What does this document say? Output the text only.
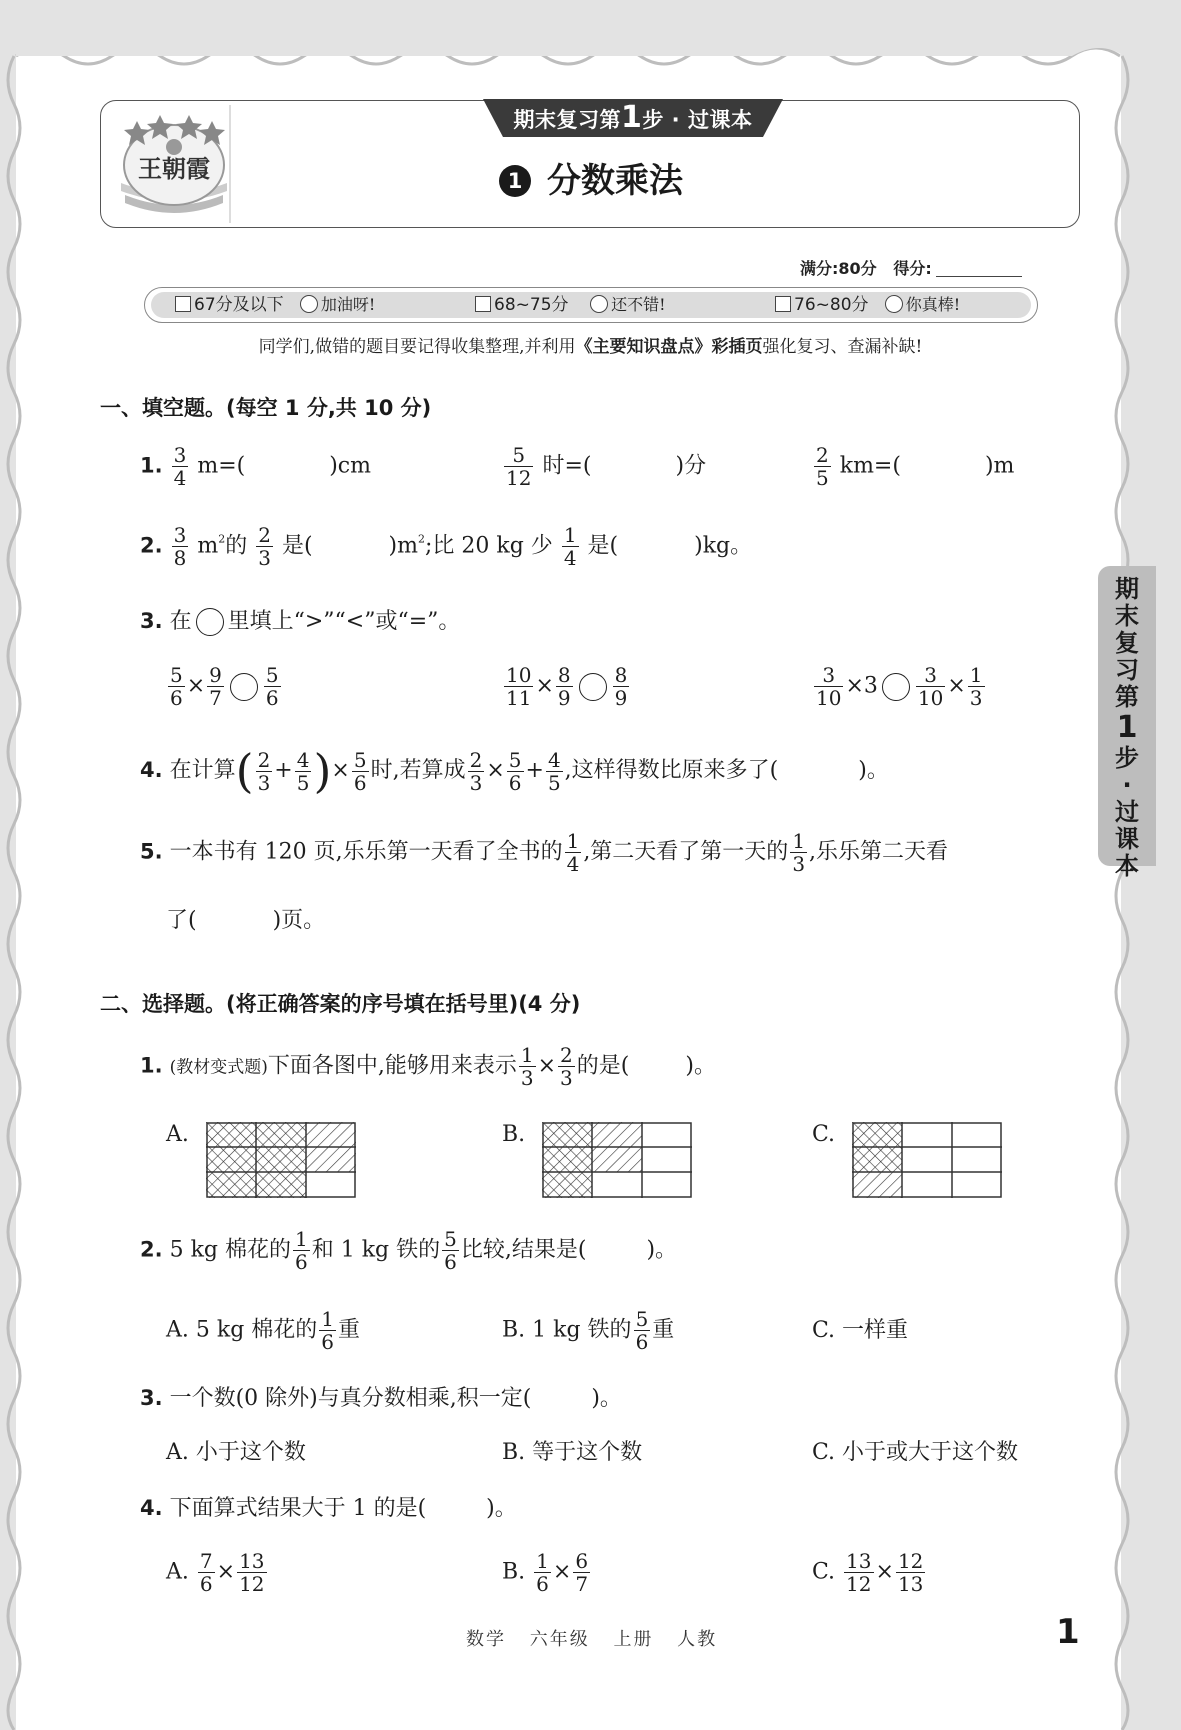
王朝霞
期末复习第1步 · 过课本
1 分数乘法
满分:80分 得分:
67分及以下 加油呀!	68~75分	还不错!	76~80分 你真棒!
同学们,做错的题目要记得收集整理,并利用《主要知识盘点》彩插页强化复习、查漏补缺!
一、填空题。(每空 1 分,共 10 分)
1. $\frac{3}{4} m=$(	)cm	$\frac{5}{12}$ 时=(	)分	$\frac{2}{5} km=$(	)m
2. $\frac{3}{8} m^2$的 $\frac{2}{3}$ 是(	)$m^2$;比 20 kg 少 $\frac{1}{4}$ 是(	)kg。
3. 在 里填上“>”“<”或“=”。
$\frac{5}{6} \times \frac{9}{7} \frac{5}{6}$	$\frac{10}{11} \times \frac{8}{9} \frac{8}{9}$	$\frac{3}{10} \times 3 \frac{3}{10} \times \frac{1}{3}$
4. 在计算( $\frac{2}{3} + \frac{4}{5}$ )× $\frac{5}{6}$ 时,若算成 $\frac{2}{3} \times \frac{5}{6} + \frac{4}{5}$ ,这样得数比原来多了(	)。
5. 一本书有 120 页,乐乐第一天看了全书的 $\frac{1}{4}$ ,第二天看了第一天的 $\frac{1}{3}$ ,乐乐第二天看
了(	)页。
二、选择题。(将正确答案的序号填在括号里)(4 分)
1. (教材变式题)下面各图中,能够用来表示 $\frac{1}{3} \times \frac{2}{3}$ 的是(	)。
A.	B.	C.
2. 5 kg 棉花的 $\frac{1}{6}$ 和 1 kg 铁的 $\frac{5}{6}$ 比较,结果是(	)。
A. 5 kg 棉花的 $\frac{1}{6}$ 重	B. 1 kg 铁的 $\frac{5}{6}$ 重	C. 一样重
3. 一个数(0 除外)与真分数相乘,积一定(	)。
A. 小于这个数	B. 等于这个数	C. 小于或大于这个数
4. 下面算式结果大于 1 的是(	)。
A. $\frac{7}{6} \times \frac{13}{12}$	B. $\frac{1}{6} \times \frac{6}{7}$	C. $\frac{13}{12} \times \frac{12}{13}$
期
末
复
习
第
1
步
·
过
课
本
数学 六年级 上册 人教	1
